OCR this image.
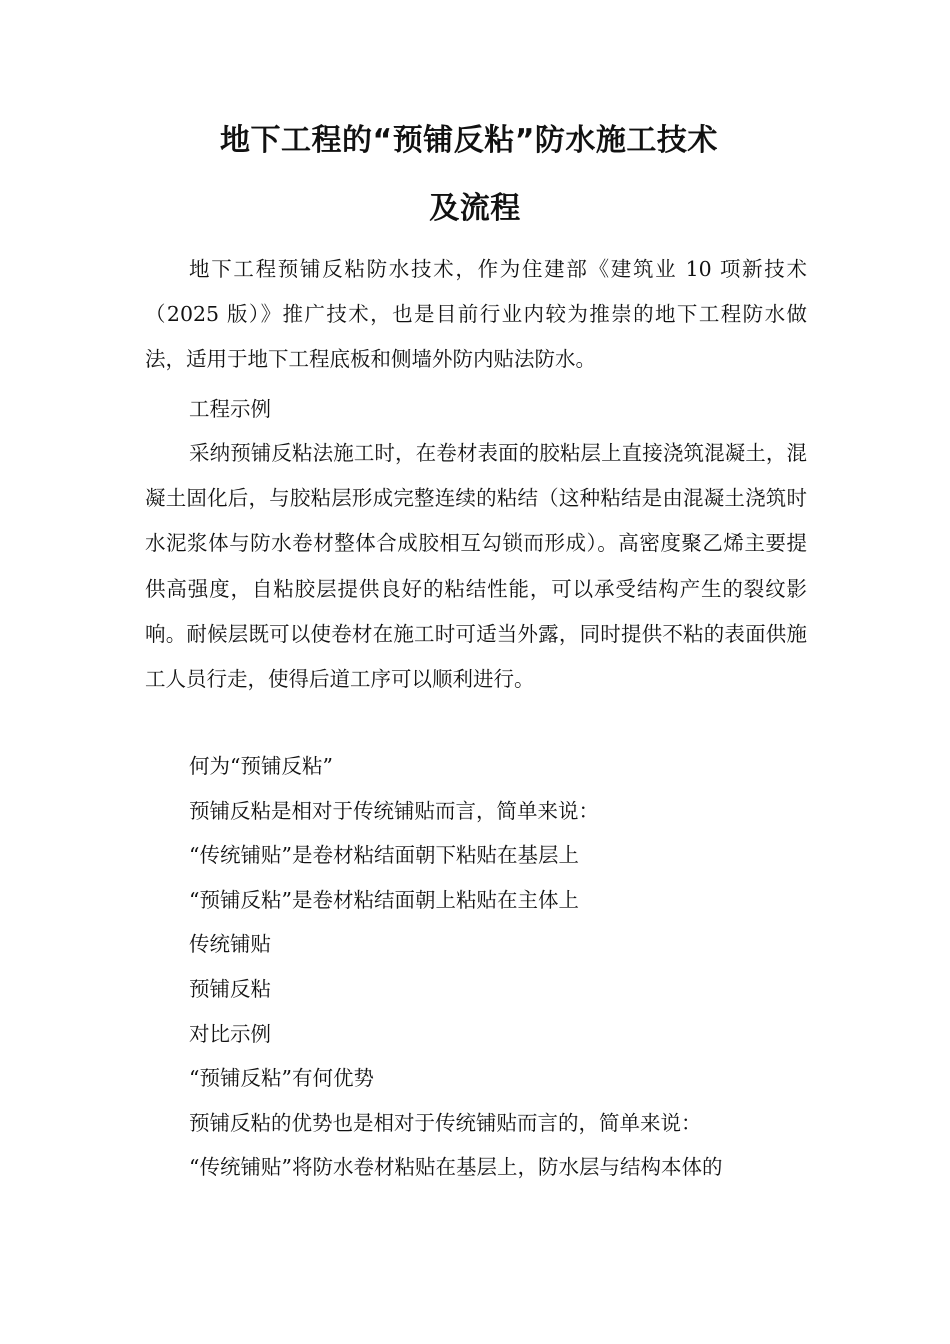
地下工程的“预铺反粘”防水施工技术
及流程

地下工程预铺反粘防水技术，作为住建部《建筑业 10 项新技术（2025 版）》推广技术，也是目前行业内较为推崇的地下工程防水做法，适用于地下工程底板和侧墙外防内贴法防水。

工程示例

采纳预铺反粘法施工时，在卷材表面的胶粘层上直接浇筑混凝土，混凝土固化后，与胶粘层形成完整连续的粘结（这种粘结是由混凝土浇筑时水泥浆体与防水卷材整体合成胶相互勾锁而形成）。高密度聚乙烯主要提供高强度，自粘胶层提供良好的粘结性能，可以承受结构产生的裂纹影响。耐候层既可以使卷材在施工时可适当外露，同时提供不粘的表面供施工人员行走，使得后道工序可以顺利进行。

何为“预铺反粘”

预铺反粘是相对于传统铺贴而言，简单来说：

“传统铺贴”是卷材粘结面朝下粘贴在基层上

“预铺反粘”是卷材粘结面朝上粘贴在主体上

传统铺贴

预铺反粘

对比示例

“预铺反粘”有何优势

预铺反粘的优势也是相对于传统铺贴而言的，简单来说：

“传统铺贴”将防水卷材粘贴在基层上，防水层与结构本体的
